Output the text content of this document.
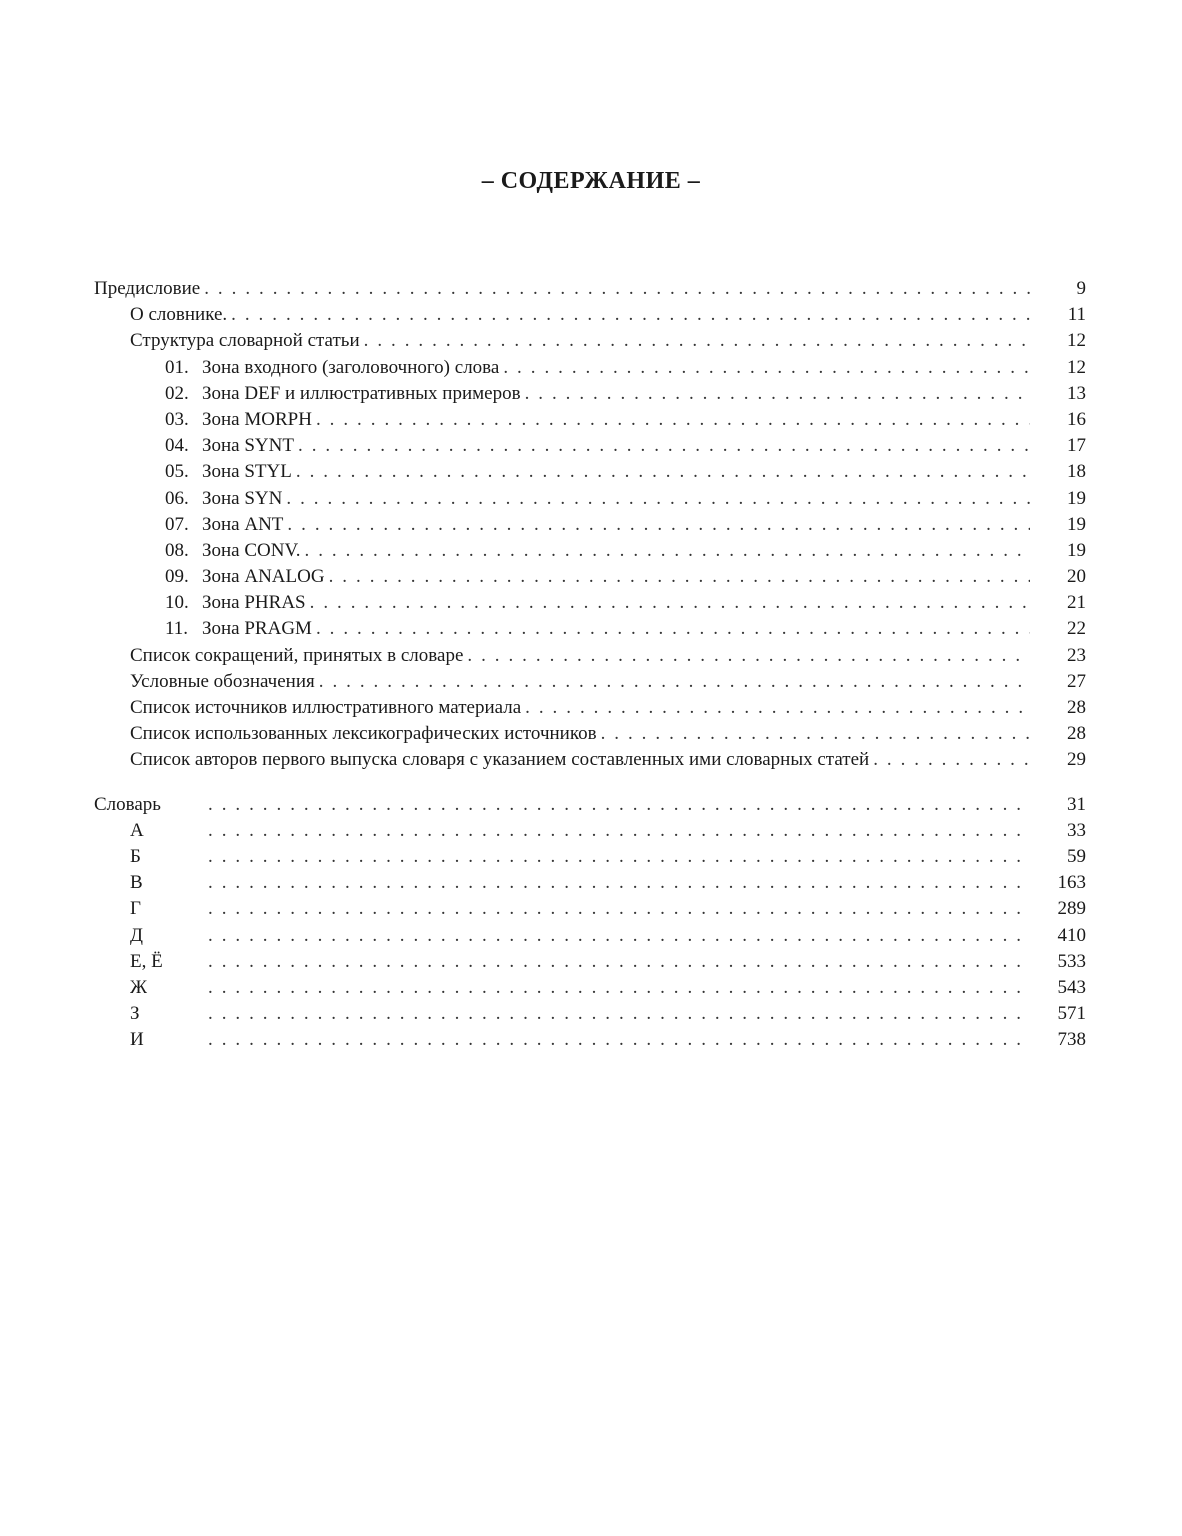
– СОДЕРЖАНИЕ –
Предисловие . . .	9
О словнике. . . .	11
Структура словарной статьи . . .	12
01. Зона входного (заголовочного) слова . . .	12
02. Зона DEF и иллюстративных примеров . . .	13
03. Зона MORPH . . .	16
04. Зона SYNT . . .	17
05. Зона STYL . . .	18
06. Зона SYN . . .	19
07. Зона ANT . . .	19
08. Зона CONV. . . .	19
09. Зона ANALOG . . .	20
10. Зона PHRAS . . .	21
11. Зона PRAGM . . .	22
Список сокращений, принятых в словаре . . .	23
Условные обозначения . . .	27
Список источников иллюстративного материала . . .	28
Список использованных лексикографических источников . . .	28
Список авторов первого выпуска словаря с указанием составленных ими словарных статей . . .	29
Словарь . . .	31
А . . .	33
Б . . .	59
В . . .	163
Г . . .	289
Д . . .	410
Е, Ё . . .	533
Ж . . .	543
З . . .	571
И . . .	738
